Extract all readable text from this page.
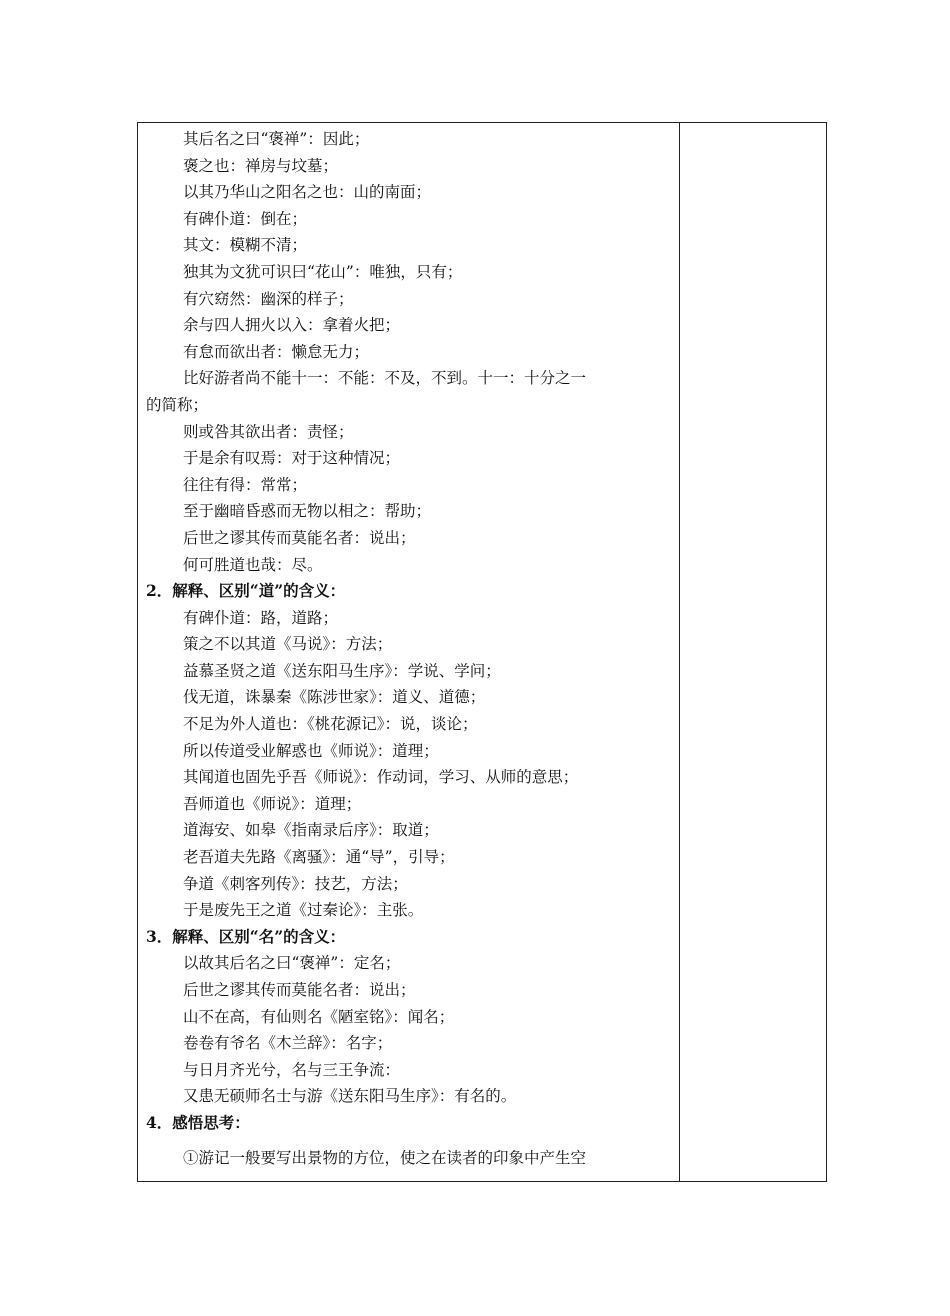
其后名之曰“褒禅”：因此；
褒之也：禅房与坟墓；
以其乃华山之阳名之也：山的南面；
有碑仆道：倒在；
其文：模糊不清；
独其为文犹可识曰“花山”：唯独，只有；
有穴窈然：幽深的样子；
余与四人拥火以入：拿着火把；
有怠而欲出者：懒怠无力；
比好游者尚不能十一：不能：不及，不到。十一：十分之一
的简称；
则或咎其欲出者：责怪；
于是余有叹焉：对于这种情况；
往往有得：常常；
至于幽暗昏惑而无物以相之：帮助；
后世之谬其传而莫能名者：说出；
何可胜道也哉：尽。
2．解释、区别“道”的含义：
有碑仆道：路，道路；
策之不以其道《马说》：方法；
益慕圣贤之道《送东阳马生序》：学说、学问；
伐无道，诛暴秦《陈涉世家》：道义、道德；
不足为外人道也：《桃花源记》：说，谈论；
所以传道受业解惑也《师说》：道理；
其闻道也固先乎吾《师说》：作动词，学习、从师的意思；
吾师道也《师说》：道理；
道海安、如皋《指南录后序》：取道；
老吾道夫先路《离骚》：通“导”，引导；
争道《刺客列传》：技艺，方法；
于是废先王之道《过秦论》：主张。
3．解释、区别“名”的含义：
以故其后名之曰“褒禅”：定名；
后世之谬其传而莫能名者：说出；
山不在高，有仙则名《陋室铭》：闻名；
卷卷有爷名《木兰辞》：名字；
与日月齐光兮，名与三王争流：
又患无硕师名士与游《送东阳马生序》：有名的。
4．感悟思考：
①游记一般要写出景物的方位，使之在读者的印象中产生空
